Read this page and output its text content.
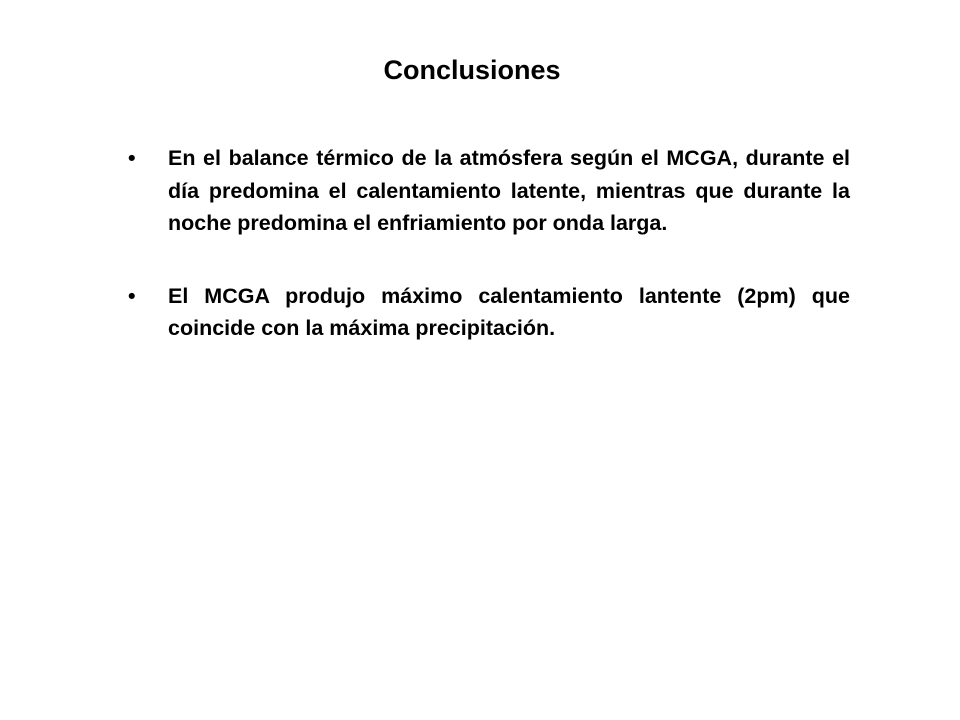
Conclusiones
•	En el balance térmico de la atmósfera según el MCGA, durante el día predomina el calentamiento latente, mientras que durante la noche predomina el enfriamiento por onda larga.
•	El MCGA produjo máximo calentamiento lantente (2pm) que coincide con la máxima precipitación.
